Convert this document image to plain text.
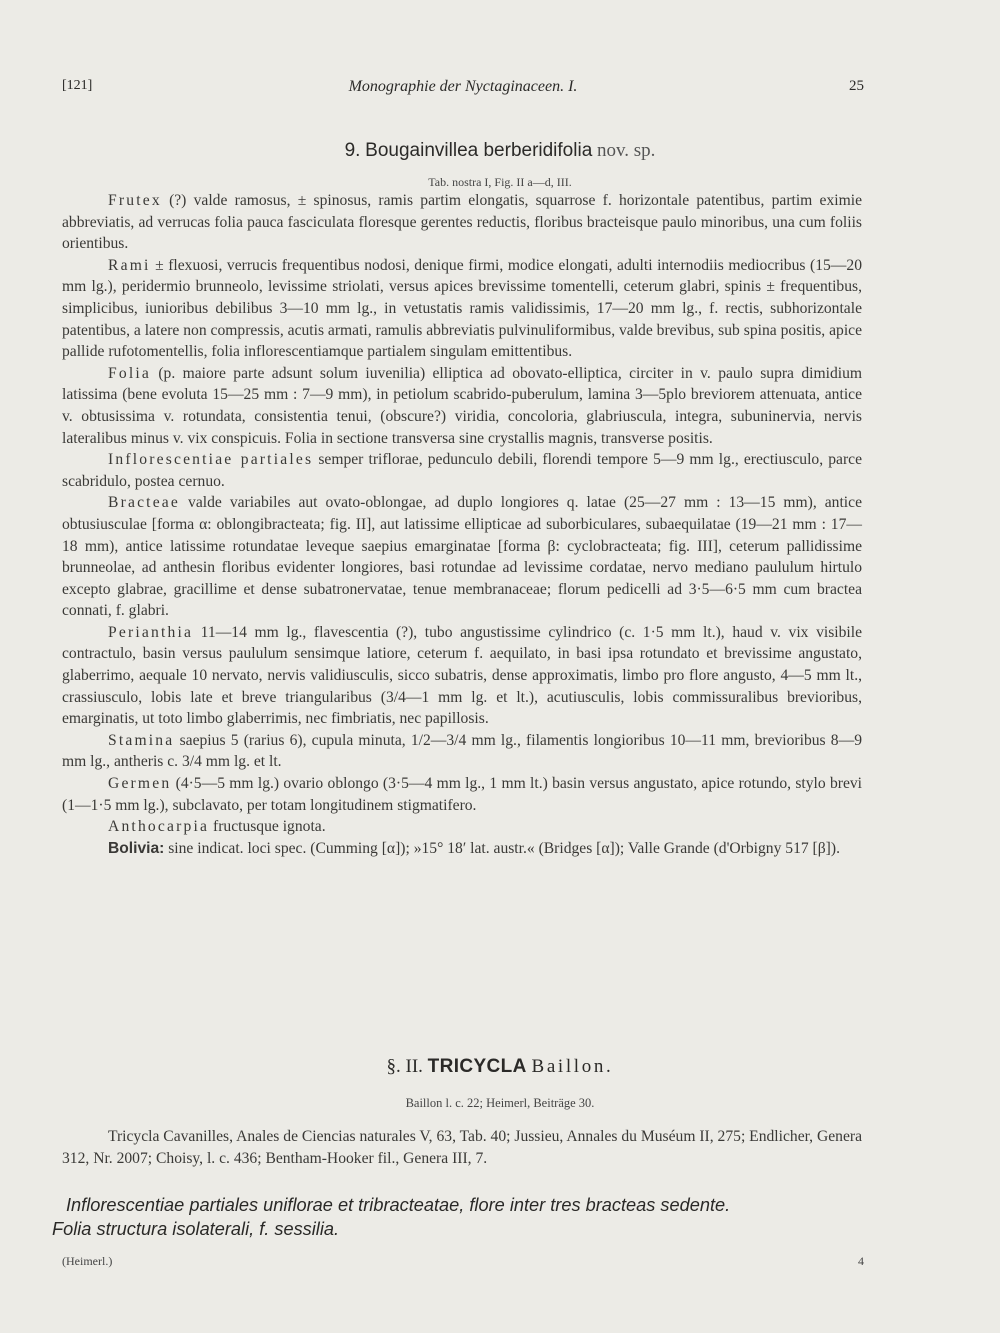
[121]	Monographie der Nyctaginaceen. I.	25
9. Bougainvillea berberidifolia nov. sp.
Tab. nostra I, Fig. II a—d, III.

Frutex (?) valde ramosus, ± spinosus, ramis partim elongatis, squarrose f. horizontale patentibus, partim eximie abbreviatis, ad verrucas folia pauca fasciculata floresque gerentes reductis, floribus bracteisque paulo minoribus, una cum foliis orientibus.

Rami ± flexuosi, verrucis frequentibus nodosi, denique firmi, modice elongati, adulti internodiis mediocribus (15—20 mm lg.), peridermio brunneolo, levissime striolati, versus apices brevissime tomentelli, ceterum glabri, spinis ± frequentibus, simplicibus, iunioribus debilibus 3—10 mm lg., in vetustatis ramis validissimis, 17—20 mm lg., f. rectis, subhorizontale patentibus, a latere non compressis, acutis armati, ramulis abbreviatis pulvinuliformibus, valde brevibus, sub spina positis, apice pallide rufotomentellis, folia inflorescentiamque partialem singulam emittentibus.

Folia (p. maiore parte adsunt solum iuvenilia) elliptica ad obovato-elliptica, circiter in v. paulo supra dimidium latissima (bene evoluta 15—25 mm : 7—9 mm), in petiolum scabrido-puberulum, lamina 3—5plo breviorem attenuata, antice v. obtusissima v. rotundata, consistentia tenui, (obscure?) viridia, concoloria, glabriuscula, integra, subuninervia, nervis lateralibus minus v. vix conspicuis. Folia in sectione transversa sine crystallis magnis, transverse positis.

Inflorescentiae partiales semper triflorae, pedunculo debili, florendi tempore 5—9 mm lg., erectiusculo, parce scabridulo, postea cernuo.

Bracteae valde variabiles aut ovato-oblongae, ad duplo longiores q. latae (25—27 mm : 13—15 mm), antice obtusiusculae [forma α: oblongibracteata; fig. II], aut latissime ellipticae ad suborbiculares, subaequilatae (19—21 mm : 17—18 mm), antice latissime rotundatae leveque saepius emarginatae [forma β: cyclobracteata; fig. III], ceterum pallidissime brunneolae, ad anthesin floribus evidenter longiores, basi rotundae ad levissime cordatae, nervo mediano paululum hirtulo excepto glabrae, gracillime et dense subatronervatae, tenue membranaceae; florum pedicelli ad 3·5—6·5 mm cum bractea connati, f. glabri.

Perianthia 11—14 mm lg., flavescentia (?), tubo angustissime cylindrico (c. 1·5 mm lt.), haud v. vix visibile contractulo, basin versus paululum sensimque latiore, ceterum f. aequilato, in basi ipsa rotundato et brevissime angustato, glaberrimo, aequale 10 nervato, nervis validiusculis, sicco subatris, dense approximatis, limbo pro flore angusto, 4—5 mm lt., crassiusculo, lobis late et breve triangularibus (3/4—1 mm lg. et lt.), acutiusculis, lobis commissuralibus brevioribus, emarginatis, ut toto limbo glaberrimis, nec fimbriatis, nec papillosis.

Stamina saepius 5 (rarius 6), cupula minuta, 1/2—3/4 mm lg., filamentis longioribus 10—11 mm, brevioribus 8—9 mm lg., antheris c. 3/4 mm lg. et lt.

Germen (4·5—5 mm lg.) ovario oblongo (3·5—4 mm lg., 1 mm lt.) basin versus angustato, apice rotundo, stylo brevi (1—1·5 mm lg.), subclavato, per totam longitudinem stigmatifero.

Anthocarpia fructusque ignota.

Bolivia: sine indicat. loci spec. (Cumming [α]); »15° 18′ lat. austr.« (Bridges [α]); Valle Grande (d'Orbigny 517 [β]).

§. II. TRICYCLA Baillon.
Baillon l. c. 22; Heimerl, Beiträge 30.

Tricycla Cavanilles, Anales de Ciencias naturales V, 63, Tab. 40; Jussieu, Annales du Muséum II, 275; Endlicher, Genera 312, Nr. 2007; Choisy, l. c. 436; Bentham-Hooker fil., Genera III, 7.

Inflorescentiae partiales uniflorae et tribracteatae, flore inter tres bracteas sedente.

Folia structura isolaterali, f. sessilia.

(Heimerl.)	4
